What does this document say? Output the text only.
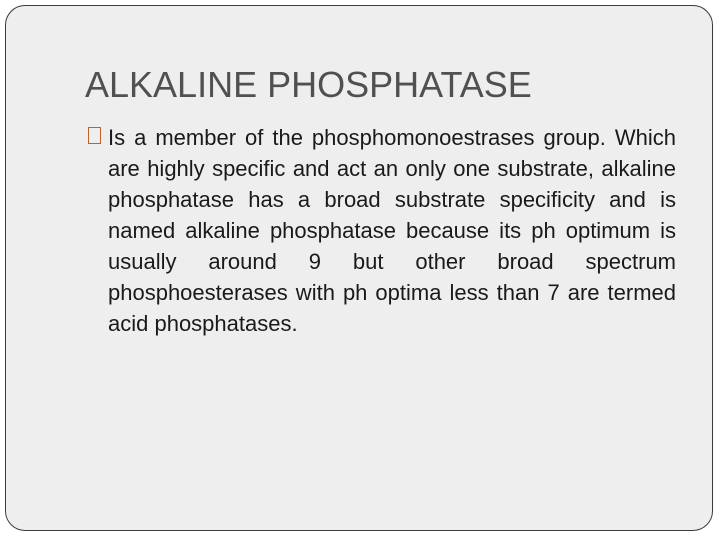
ALKALINE PHOSPHATASE

Is a member of the phosphomonoestrases group. Which are highly specific and act an only one substrate, alkaline phosphatase has a broad substrate specificity and is named alkaline phosphatase because its ph optimum is usually around 9 but other broad spectrum phosphoesterases with ph optima less than 7 are termed acid phosphatases.
